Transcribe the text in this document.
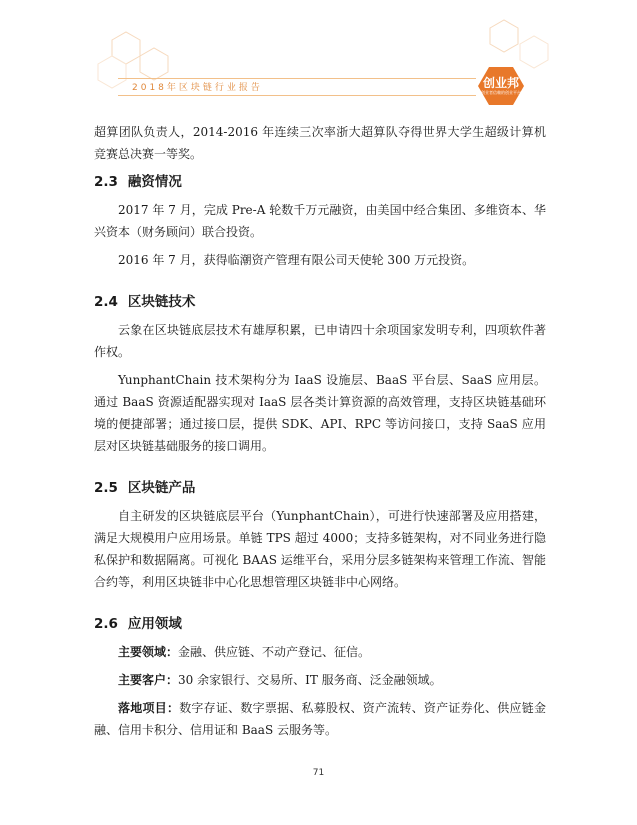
2018年区块链行业报告	创业邦
创业者信赖的创业平台

超算团队负责人，2014-2016 年连续三次率浙大超算队夺得世界大学生超级计算机竞赛总决赛一等奖。

2.3 融资情况

2017 年 7 月，完成 Pre-A 轮数千万元融资，由美国中经合集团、多维资本、华兴资本（财务顾问）联合投资。

2016 年 7 月，获得临潮资产管理有限公司天使轮 300 万元投资。

2.4 区块链技术

云象在区块链底层技术有雄厚积累，已申请四十余项国家发明专利，四项软件著作权。

YunphantChain 技术架构分为 IaaS 设施层、BaaS 平台层、SaaS 应用层。通过 BaaS 资源适配器实现对 IaaS 层各类计算资源的高效管理，支持区块链基础环境的便捷部署；通过接口层，提供 SDK、API、RPC 等访问接口，支持 SaaS 应用层对区块链基础服务的接口调用。

2.5 区块链产品

自主研发的区块链底层平台（YunphantChain），可进行快速部署及应用搭建，满足大规模用户应用场景。单链 TPS 超过 4000；支持多链架构，对不同业务进行隐私保护和数据隔离。可视化 BAAS 运维平台，采用分层多链架构来管理工作流、智能合约等，利用区块链非中心化思想管理区块链非中心网络。

2.6 应用领域

主要领域：金融、供应链、不动产登记、征信。

主要客户：30 余家银行、交易所、IT 服务商、泛金融领域。

落地项目：数字存证、数字票据、私募股权、资产流转、资产证券化、供应链金融、信用卡积分、信用证和 BaaS 云服务等。

71
